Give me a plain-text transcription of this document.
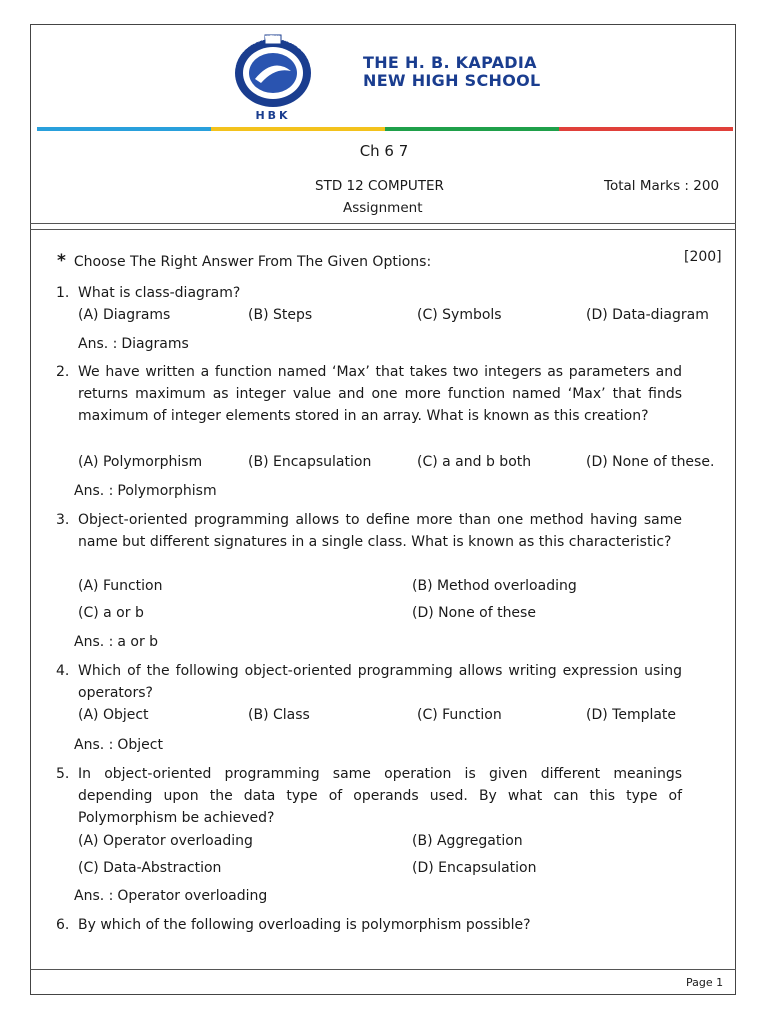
SHRI KAPADIA NEW HIGH SCHOOL
HBK
THE H. B. KAPADIA
NEW HIGH SCHOOL
Ch 6 7
STD 12 COMPUTER
Assignment
Total Marks : 200
* Choose The Right Answer From The Given Options:	[200]
1. What is class-diagram?
(A) Diagrams	(B) Steps	(C) Symbols	(D) Data-diagram
Ans. : Diagrams
2. We have written a function named ‘Max’ that takes two integers as parameters and returns maximum as integer value and one more function named ‘Max’ that finds maximum of integer elements stored in an array. What is known as this creation?
(A) Polymorphism	(B) Encapsulation	(C) a and b both	(D) None of these.
Ans. : Polymorphism
3. Object-oriented programming allows to define more than one method having same name but different signatures in a single class. What is known as this characteristic?
(A) Function	(B) Method overloading
(C) a or b	(D) None of these
Ans. : a or b
4. Which of the following object-oriented programming allows writing expression using operators?
(A) Object	(B) Class	(C) Function	(D) Template
Ans. : Object
5. In object-oriented programming same operation is given different meanings depending upon the data type of operands used. By what can this type of Polymorphism be achieved?
(A) Operator overloading	(B) Aggregation
(C) Data-Abstraction	(D) Encapsulation
Ans. : Operator overloading
6. By which of the following overloading is polymorphism possible?
Page 1
